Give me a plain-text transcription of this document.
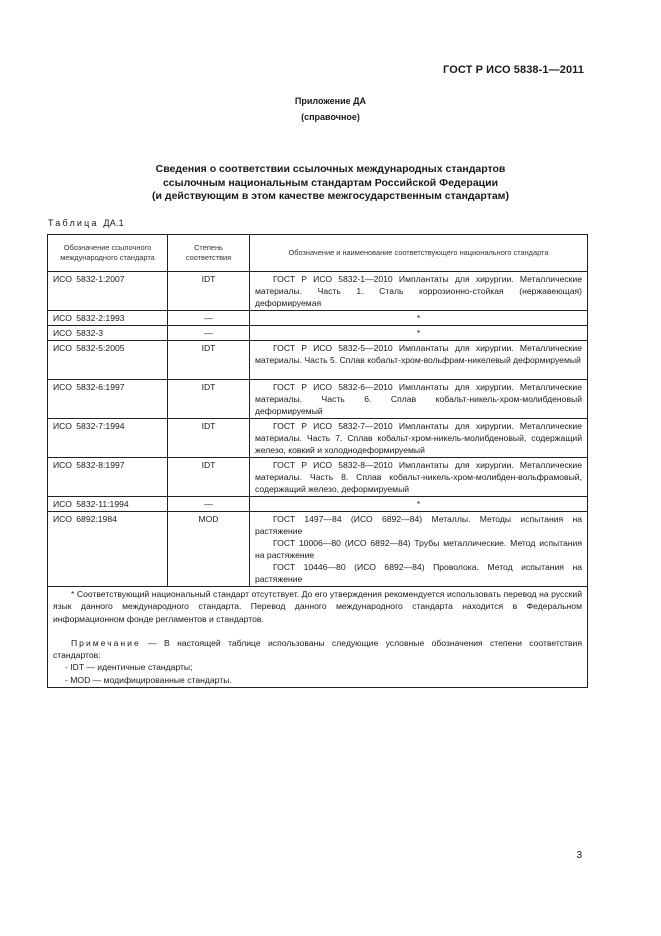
ГОСТ Р ИСО 5838-1—2011
Приложение ДА
(справочное)
Сведения о соответствии ссылочных международных стандартов
ссылочным национальным стандартам Российской Федерации
(и действующим в этом качестве межгосударственным стандартам)
Таблица ДА.1
Обозначение ссылочного международного стандарта	Степень соответствия	Обозначение и наименование соответствующего национального стандарта
ИСО 5832-1:2007	IDT	ГОСТ Р ИСО 5832-1—2010 Имплантаты для хирургии. Металлические материалы. Часть 1. Сталь коррозионно-стойкая (нержавеющая) деформируемая

ИСО 5832-2:1993	—	*
ИСО 5832-3	—	*
ИСО 5832-5:2005	IDT	ГОСТ Р ИСО 5832-5—2010 Имплантаты для хирургии. Металлические материалы. Часть 5. Сплав кобальт-хром-вольфрам-никелевый деформируемый

ИСО 5832-6:1997	IDT	ГОСТ Р ИСО 5832-6—2010 Имплантаты для хирургии. Металлические материалы. Часть 6. Сплав кобальт-никель-хром-молибденовый деформируемый

ИСО 5832-7:1994	IDT	ГОСТ Р ИСО 5832-7—2010 Имплантаты для хирургии. Металлические материалы. Часть 7. Сплав кобальт-хром-никель-молибденовый, содержащий железо, ковкий и холоднодеформируемый

ИСО 5832-8:1997	IDT	ГОСТ Р ИСО 5832-8—2010 Имплантаты для хирургии. Металлические материалы. Часть 8. Сплав кобальт-никель-хром-молибден-вольфрамовый, содержащий железо, деформируемый

ИСО 5832-11:1994	—	*
ИСО 6892:1984	MOD	ГОСТ 1497—84 (ИСО 6892—84) Металлы. Методы испытания на растяжение
ГОСТ 10006—80 (ИСО 6892—84) Трубы металлические. Метод испытания на растяжение
ГОСТ 10446—80 (ИСО 6892—84) Проволока. Метод испытания на растяжение

* Соответствующий национальный стандарт отсутствует. До его утверждения рекомендуется использовать перевод на русский язык данного международного стандарта. Перевод данного международного стандарта находится в Федеральном информационном фонде регламентов и стандартов.
Примечание — В настоящей таблице использованы следующие условные обозначения степени соответствия стандартов:
- IDT — идентичные стандарты;
- MOD — модифицированные стандарты.		
3
